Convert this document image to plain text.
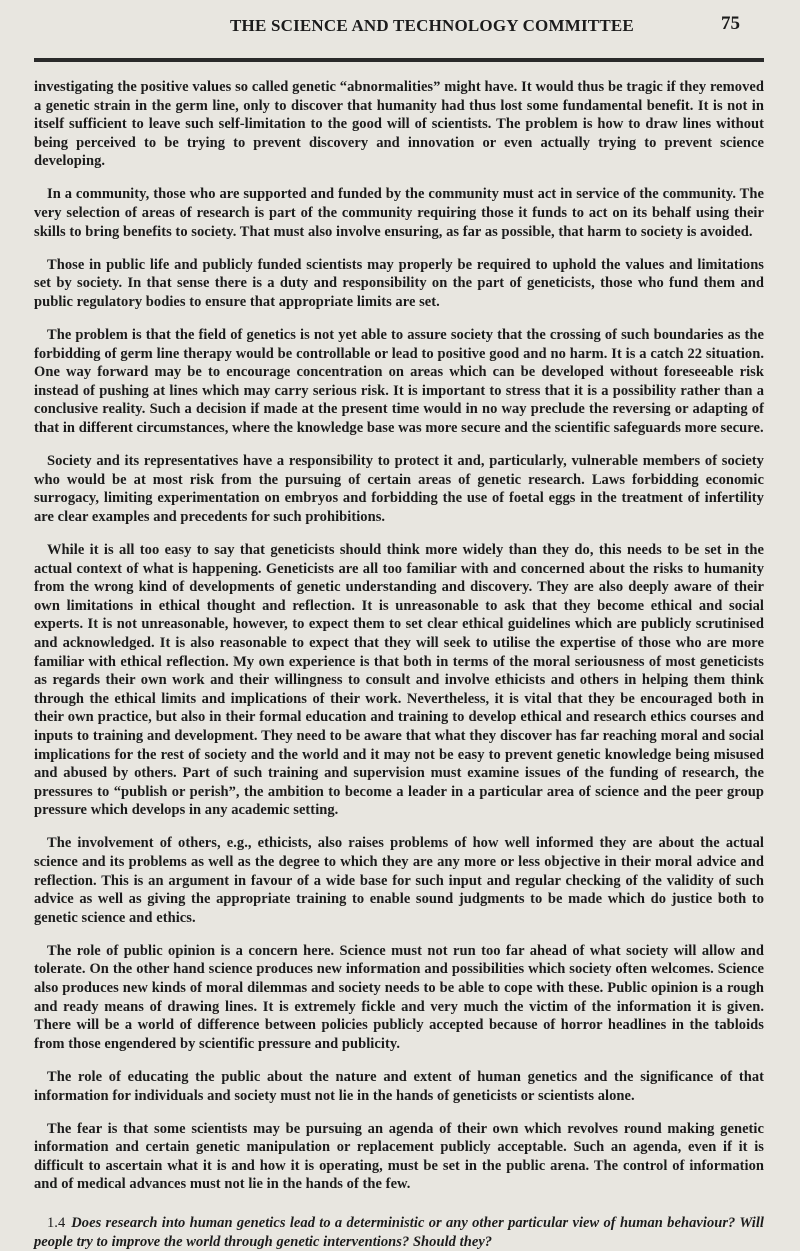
THE SCIENCE AND TECHNOLOGY COMMITTEE	75

investigating the positive values so called genetic “abnormalities” might have. It would thus be tragic if they removed a genetic strain in the germ line, only to discover that humanity had thus lost some fundamental benefit. It is not in itself sufficient to leave such self-limitation to the good will of scientists. The problem is how to draw lines without being perceived to be trying to prevent discovery and innovation or even actually trying to prevent science developing.

In a community, those who are supported and funded by the community must act in service of the community. The very selection of areas of research is part of the community requiring those it funds to act on its behalf using their skills to bring benefits to society. That must also involve ensuring, as far as possible, that harm to society is avoided.

Those in public life and publicly funded scientists may properly be required to uphold the values and limitations set by society. In that sense there is a duty and responsibility on the part of geneticists, those who fund them and public regulatory bodies to ensure that appropriate limits are set.

The problem is that the field of genetics is not yet able to assure society that the crossing of such boundaries as the forbidding of germ line therapy would be controllable or lead to positive good and no harm. It is a catch 22 situation. One way forward may be to encourage concentration on areas which can be developed without foreseeable risk instead of pushing at lines which may carry serious risk. It is important to stress that it is a possibility rather than a conclusive reality. Such a decision if made at the present time would in no way preclude the reversing or adapting of that in different circumstances, where the knowledge base was more secure and the scientific safeguards more secure.

Society and its representatives have a responsibility to protect it and, particularly, vulnerable members of society who would be at most risk from the pursuing of certain areas of genetic research. Laws forbidding economic surrogacy, limiting experimentation on embryos and forbidding the use of foetal eggs in the treatment of infertility are clear examples and precedents for such prohibitions.

While it is all too easy to say that geneticists should think more widely than they do, this needs to be set in the actual context of what is happening. Geneticists are all too familiar with and concerned about the risks to humanity from the wrong kind of developments of genetic understanding and discovery. They are also deeply aware of their own limitations in ethical thought and reflection. It is unreasonable to ask that they become ethical and social experts. It is not unreasonable, however, to expect them to set clear ethical guidelines which are publicly scrutinised and acknowledged. It is also reasonable to expect that they will seek to utilise the expertise of those who are more familiar with ethical reflection. My own experience is that both in terms of the moral seriousness of most geneticists as regards their own work and their willingness to consult and involve ethicists and others in helping them think through the ethical limits and implications of their work. Nevertheless, it is vital that they be encouraged both in their own practice, but also in their formal education and training to develop ethical and research ethics courses and inputs to training and development. They need to be aware that what they discover has far reaching moral and social implications for the rest of society and the world and it may not be easy to prevent genetic knowledge being misused and abused by others. Part of such training and supervision must examine issues of the funding of research, the pressures to “publish or perish”, the ambition to become a leader in a particular area of science and the peer group pressure which develops in any academic setting.

The involvement of others, e.g., ethicists, also raises problems of how well informed they are about the actual science and its problems as well as the degree to which they are any more or less objective in their moral advice and reflection. This is an argument in favour of a wide base for such input and regular checking of the validity of such advice as well as giving the appropriate training to enable sound judgments to be made which do justice both to genetic science and ethics.

The role of public opinion is a concern here. Science must not run too far ahead of what society will allow and tolerate. On the other hand science produces new information and possibilities which society often welcomes. Science also produces new kinds of moral dilemmas and society needs to be able to cope with these. Public opinion is a rough and ready means of drawing lines. It is extremely fickle and very much the victim of the information it is given. There will be a world of difference between policies publicly accepted because of horror headlines in the tabloids from those engendered by scientific pressure and publicity.

The role of educating the public about the nature and extent of human genetics and the significance of that information for individuals and society must not lie in the hands of geneticists or scientists alone.

The fear is that some scientists may be pursuing an agenda of their own which revolves round making genetic information and certain genetic manipulation or replacement publicly acceptable. Such an agenda, even if it is difficult to ascertain what it is and how it is operating, must be set in the public arena. The control of information and of medical advances must not lie in the hands of the few.

1.4 Does research into human genetics lead to a deterministic or any other particular view of human behaviour? Will people try to improve the world through genetic interventions? Should they?
